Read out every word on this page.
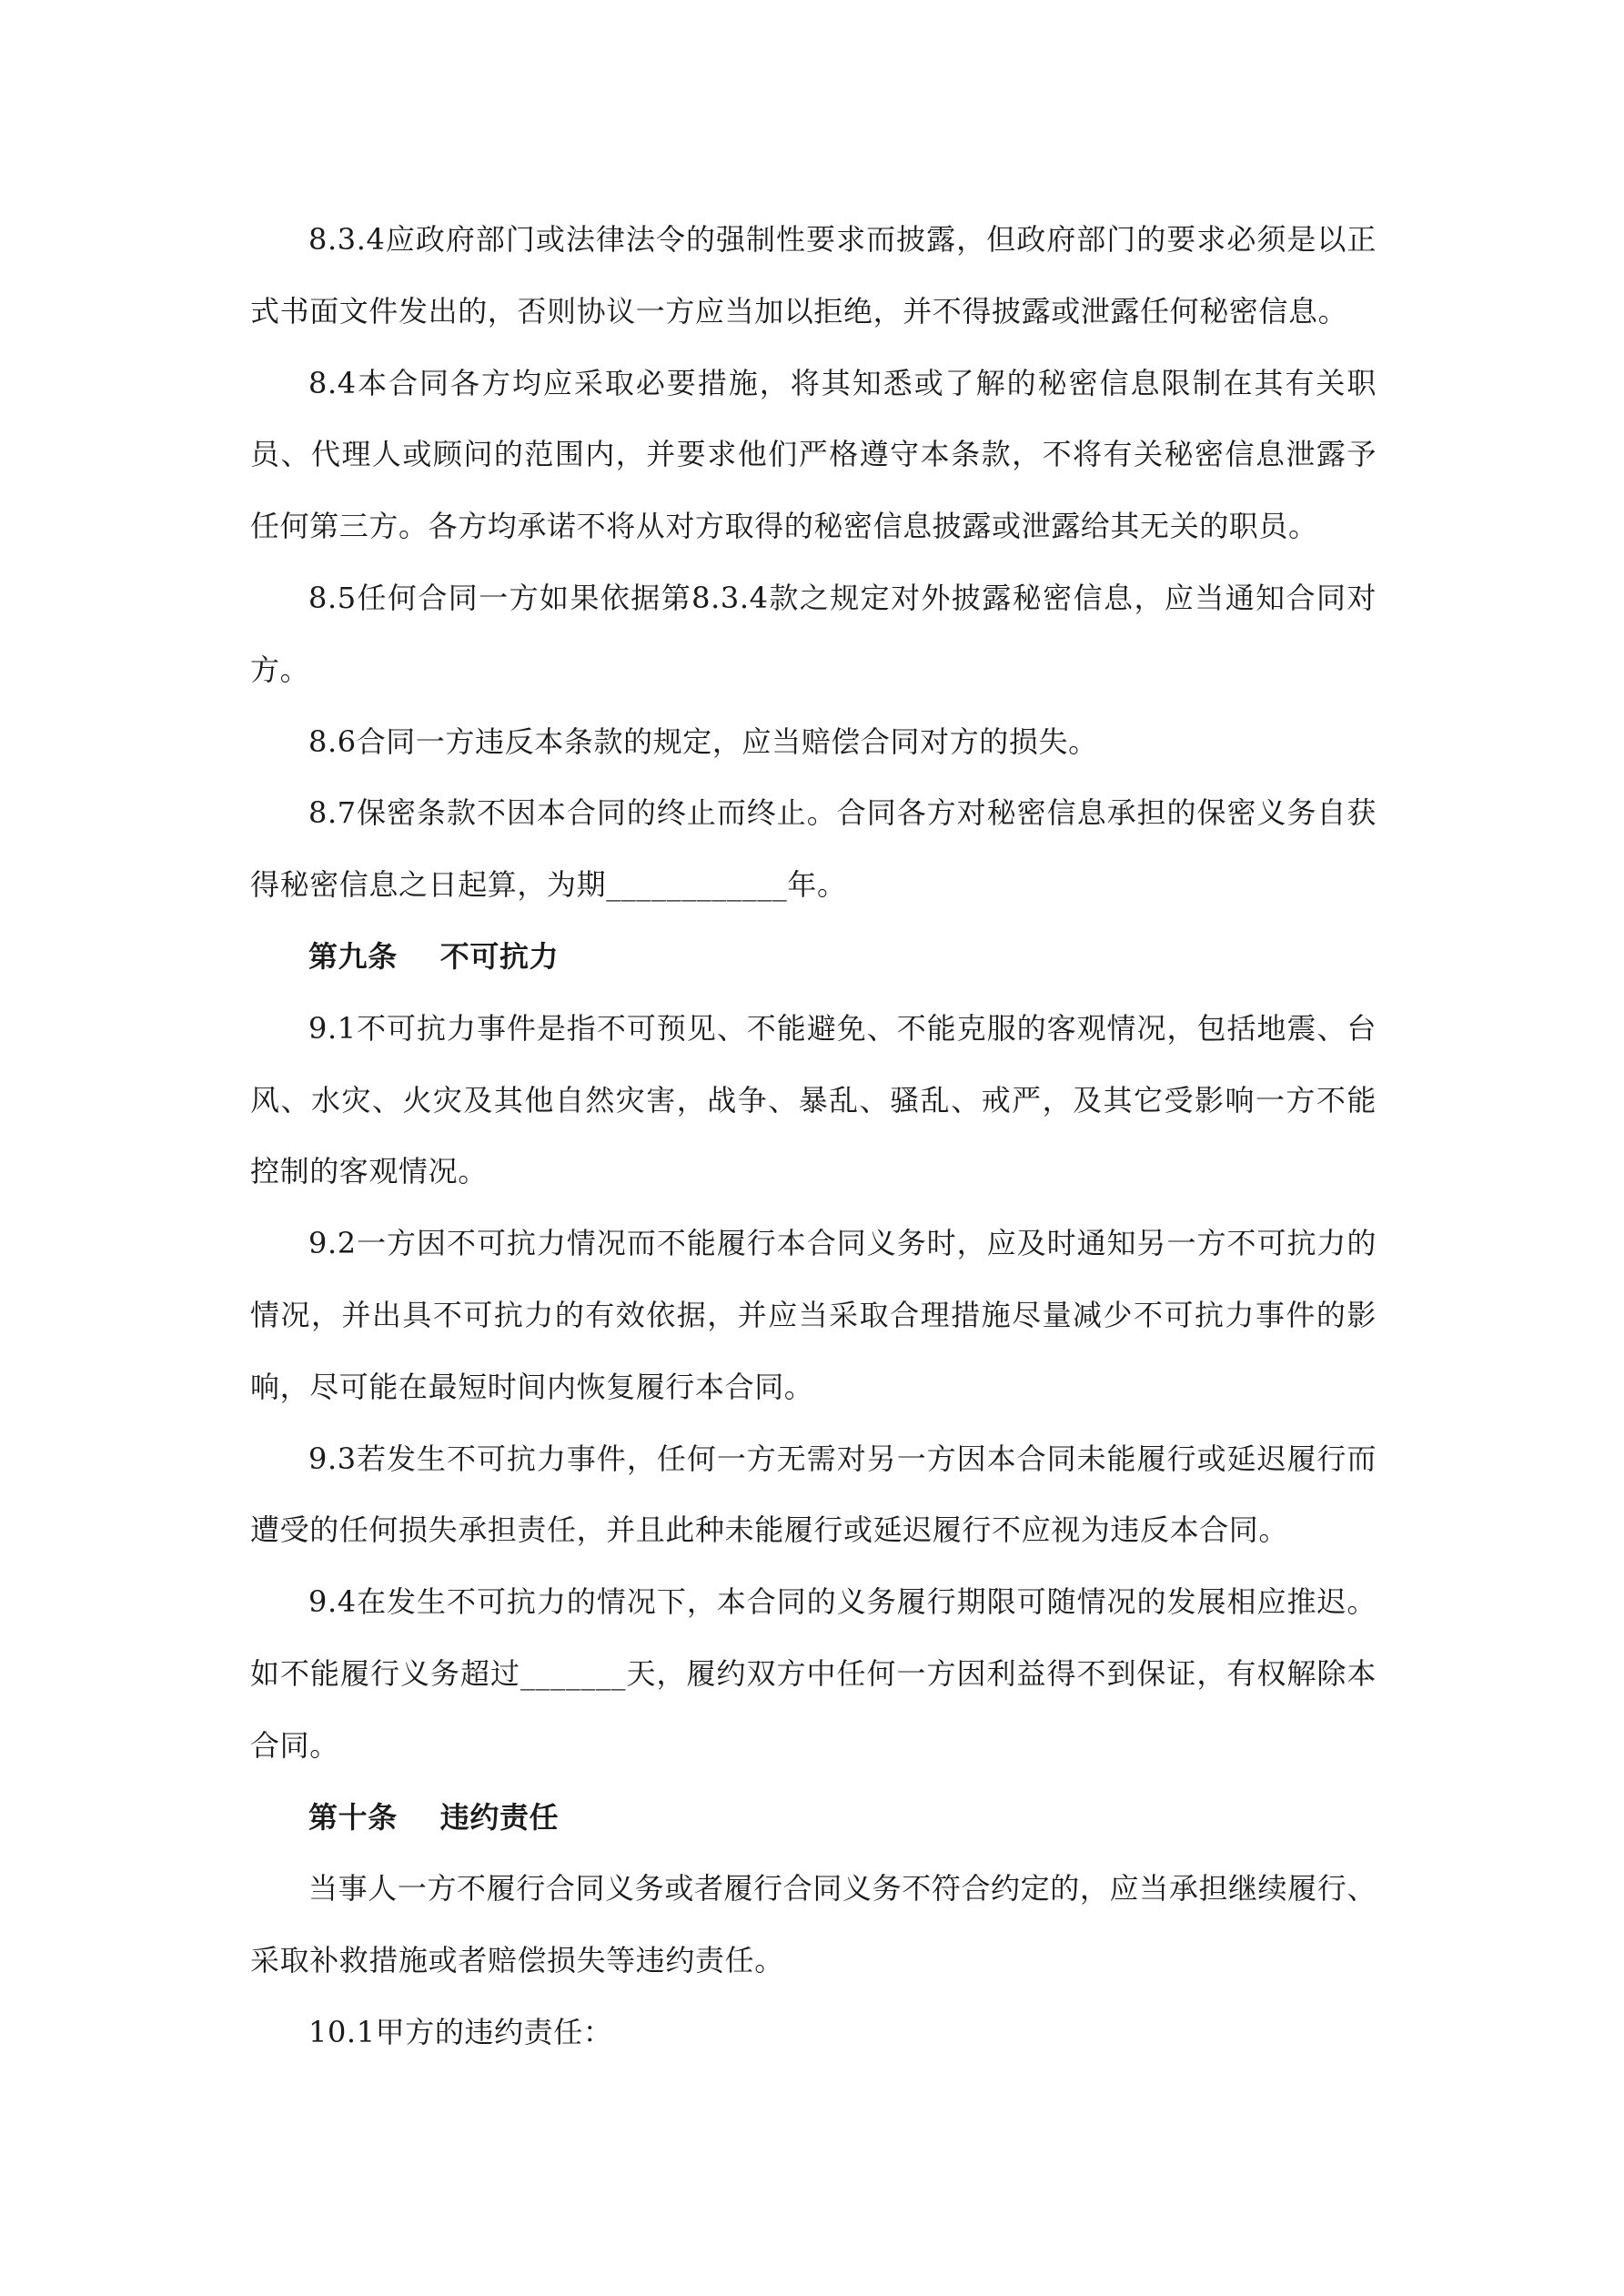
8.3.4应政府部门或法律法令的强制性要求而披露，但政府部门的要求必须是以正式书面文件发出的，否则协议一方应当加以拒绝，并不得披露或泄露任何秘密信息。

8.4本合同各方均应采取必要措施，将其知悉或了解的秘密信息限制在其有关职员、代理人或顾问的范围内，并要求他们严格遵守本条款，不将有关秘密信息泄露予任何第三方。各方均承诺不将从对方取得的秘密信息披露或泄露给其无关的职员。

8.5任何合同一方如果依据第8.3.4款之规定对外披露秘密信息，应当通知合同对方。

8.6合同一方违反本条款的规定，应当赔偿合同对方的损失。

8.7保密条款不因本合同的终止而终止。合同各方对秘密信息承担的保密义务自获得秘密信息之日起算，为期____________年。

第九条    不可抗力

9.1不可抗力事件是指不可预见、不能避免、不能克服的客观情况，包括地震、台风、水灾、火灾及其他自然灾害，战争、暴乱、骚乱、戒严，及其它受影响一方不能控制的客观情况。

9.2一方因不可抗力情况而不能履行本合同义务时，应及时通知另一方不可抗力的情况，并出具不可抗力的有效依据，并应当采取合理措施尽量减少不可抗力事件的影响，尽可能在最短时间内恢复履行本合同。

9.3若发生不可抗力事件，任何一方无需对另一方因本合同未能履行或延迟履行而遭受的任何损失承担责任，并且此种未能履行或延迟履行不应视为违反本合同。

9.4在发生不可抗力的情况下，本合同的义务履行期限可随情况的发展相应推迟。如不能履行义务超过_______天，履约双方中任何一方因利益得不到保证，有权解除本合同。

第十条    违约责任

当事人一方不履行合同义务或者履行合同义务不符合约定的，应当承担继续履行、采取补救措施或者赔偿损失等违约责任。

10.1甲方的违约责任：
